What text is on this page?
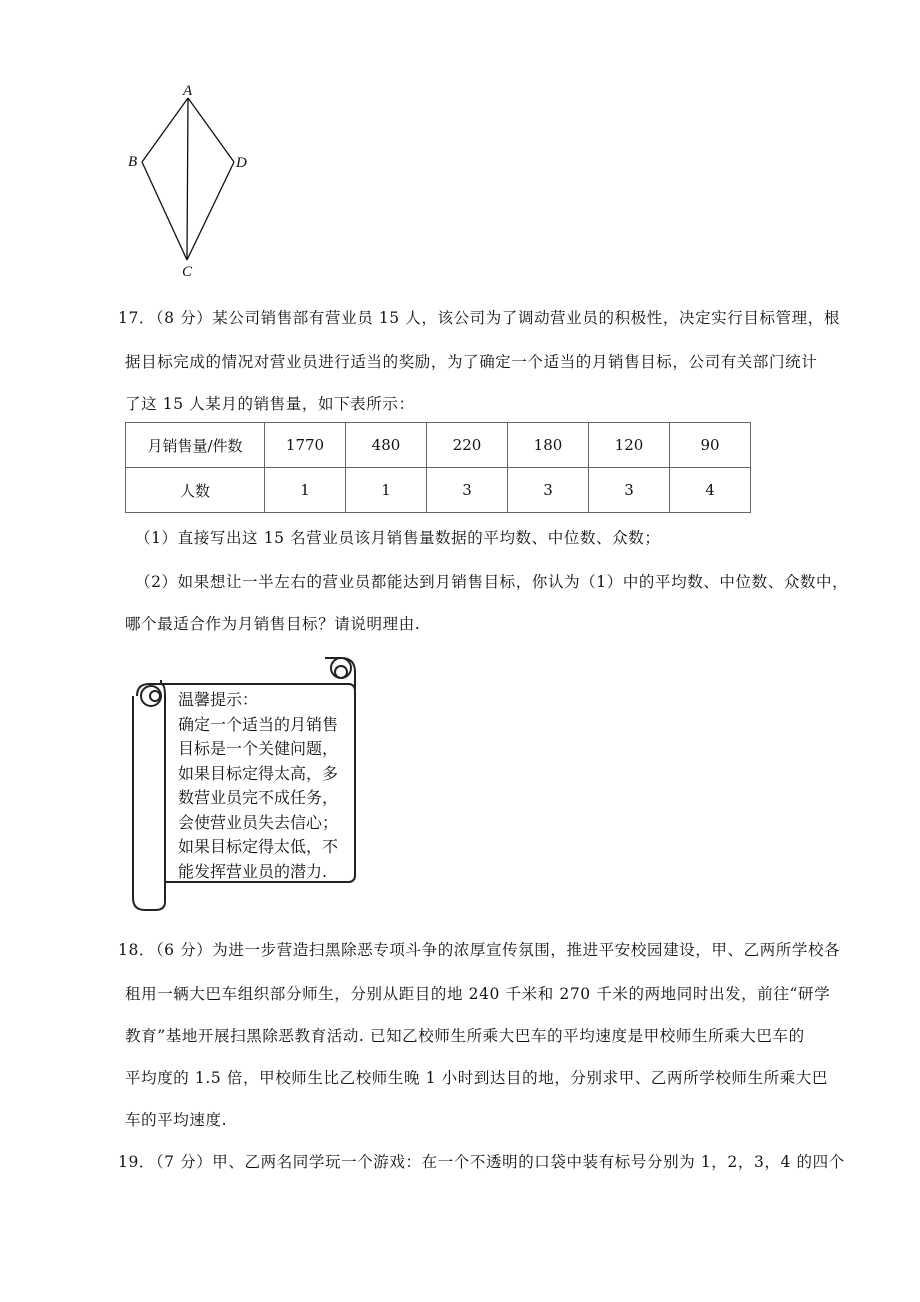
A
B
C
D
17．
（8 分）某公司销售部有营业员 15 人，该公司为了调动营业员的积极性，决定实行目标管理，根
据目标完成的情况对营业员进行适当的奖励，为了确定一个适当的月销售目标，公司有关部门统计
了这 15 人某月的销售量，如下表所示：
月销售量/件数	1770	480	220	180	120	90
人数	1	1	3	3	3	4
（1）直接写出这 15 名营业员该月销售量数据的平均数、中位数、众数；
（2）如果想让一半左右的营业员都能达到月销售目标，你认为（1）中的平均数、中位数、众数中，
哪个最适合作为月销售目标？请说明理由.
温馨提示：
确定一个适当的月销售
目标是一个关健问题，
如果目标定得太高，多
数营业员完不成任务，
会使营业员失去信心；
如果目标定得太低，不
能发挥营业员的潜力.
18．
（6 分）为进一步营造扫黑除恶专项斗争的浓厚宣传氛围，推进平安校园建设，甲、乙两所学校各
租用一辆大巴车组织部分师生，分别从距目的地 240 千米和 270 千米的两地同时出发，前往“研学
教育”基地开展扫黑除恶教育活动. 已知乙校师生所乘大巴车的平均速度是甲校师生所乘大巴车的
平均度的 1.5 倍，甲校师生比乙校师生晚 1 小时到达目的地，分别求甲、乙两所学校师生所乘大巴
车的平均速度.
19．
（7 分）甲、乙两名同学玩一个游戏：在一个不透明的口袋中装有标号分别为 1，2，3，4 的四个
